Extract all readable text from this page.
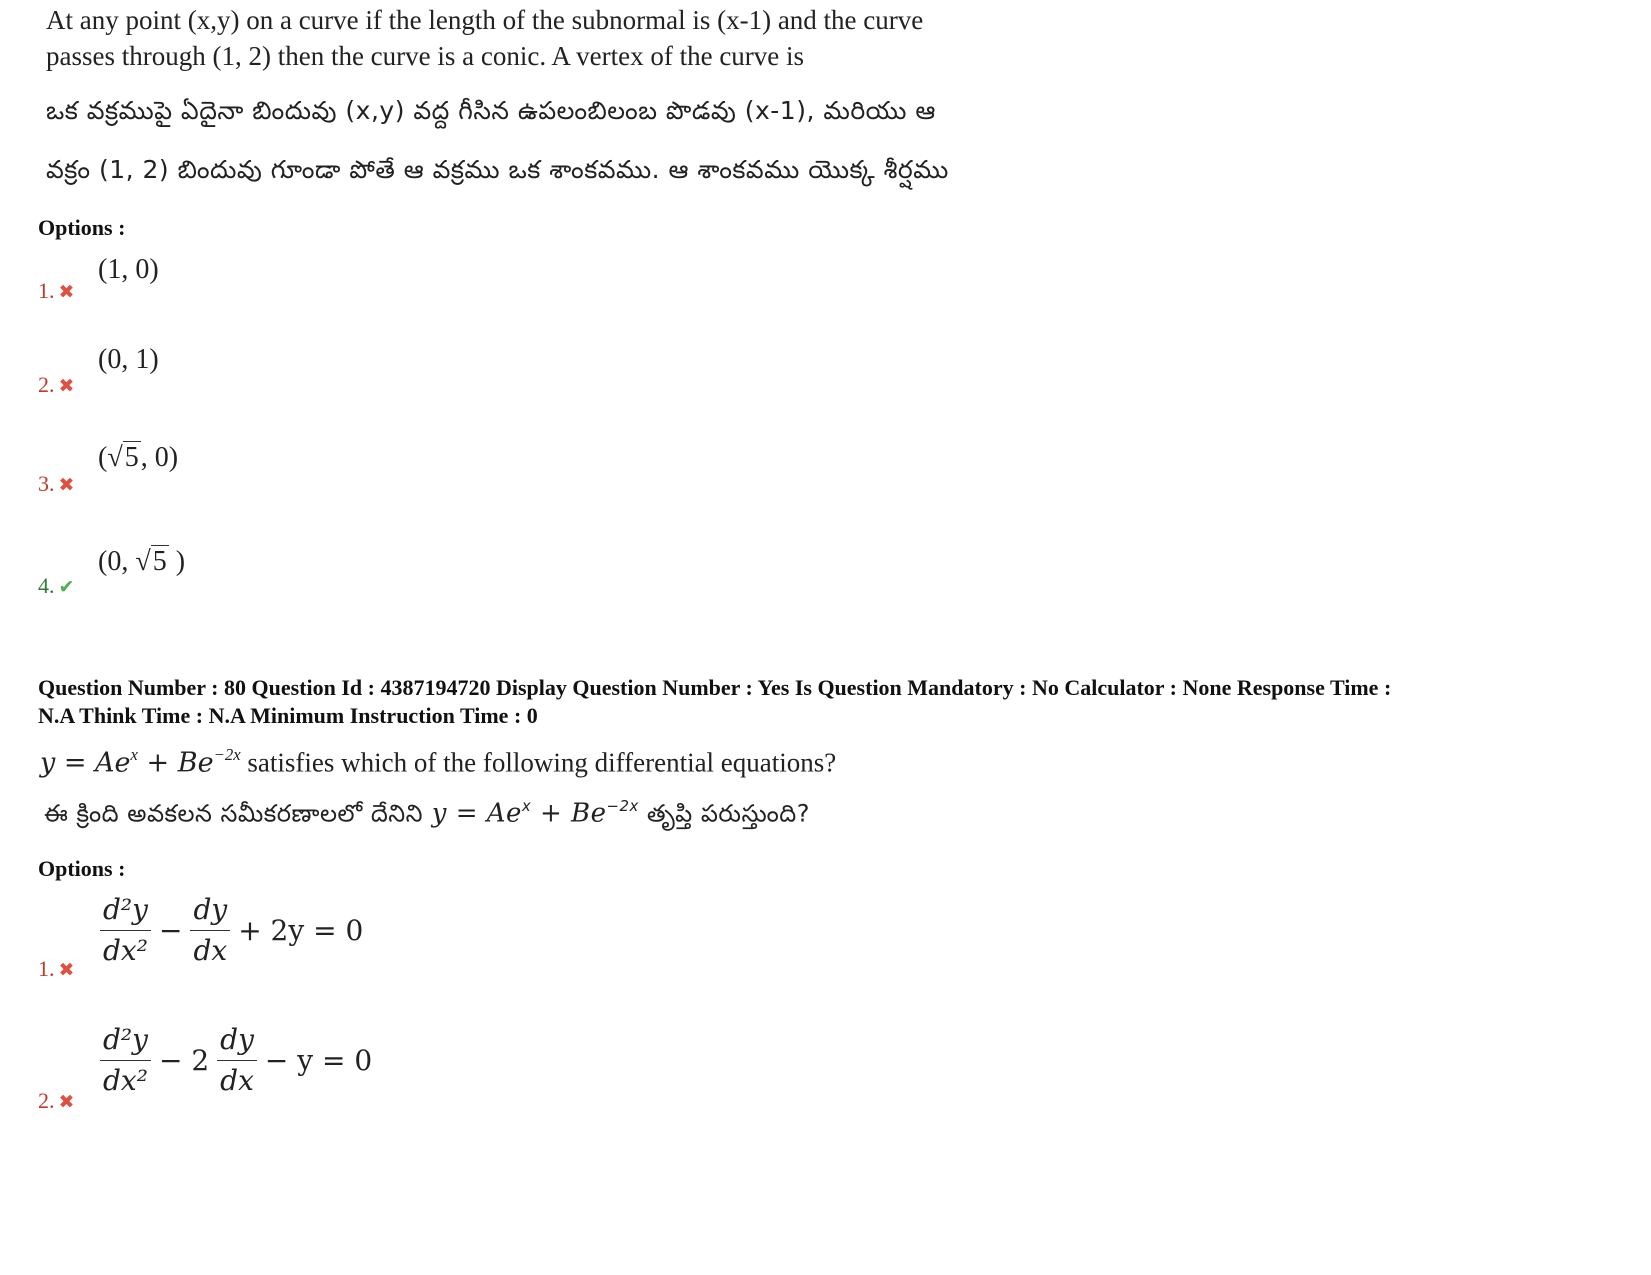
At any point (x,y) on a curve if the length of the subnormal is (x-1) and the curve
passes through (1, 2) then the curve is a conic. A vertex of the curve is
ఒక వక్రముపై ఏదైనా బిందువు (x,y) వద్ద గీసిన ఉపలంబిలంబ పొడవు (x-1), మరియు ఆ
వక్రం (1, 2) బిందువు గూండా పోతే ఆ వక్రము ఒక శాంకవము. ఆ శాంకవము యొక్క శీర్షము
Options :
1. ✖
(1, 0)
2. ✖
(0, 1)
3. ✖
(√5, 0)
4. ✔
(0, √5 )
Question Number : 80 Question Id : 4387194720 Display Question Number : Yes Is Question Mandatory : No Calculator : None Response Time :
N.A Think Time : N.A Minimum Instruction Time : 0
$y = Ae^x + Be^{-2x}$ satisfies which of the following differential equations?
ఈ క్రింది అవకలన సమీకరణాలలో దేనిని $y = Ae^x + Be^{-2x}$ తృప్తి పరుస్తుంది?
Options :
1. ✖ $\frac{\text{d²y}}{\text{dx²}} - \frac{dy}{dx} + 2y = 0$
2. ✖
$\frac{\text{d²y}}{\text{dx²}} - 2 \frac{dy}{dx} - y = 0$
